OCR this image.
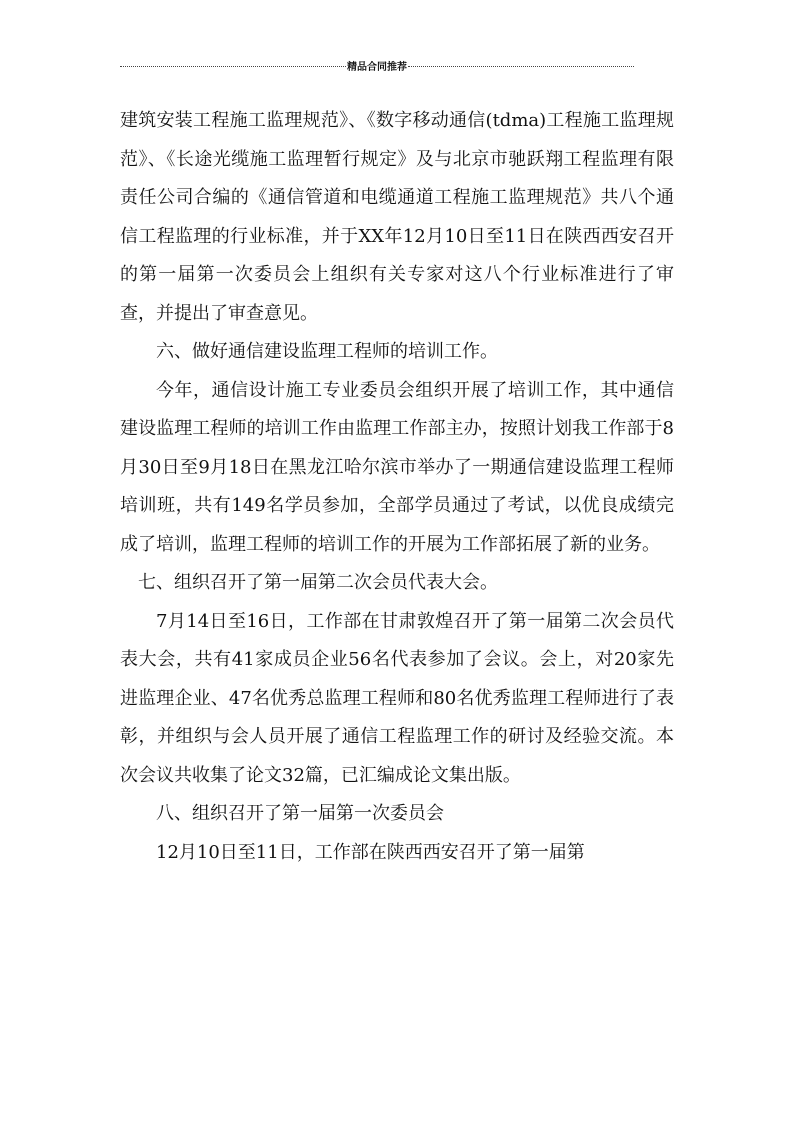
精品合同推荐

建筑安装工程施工监理规范》、《数字移动通信(tdma)工程施工监理规范》、《长途光缆施工监理暂行规定》及与北京市驰跃翔工程监理有限责任公司合编的《通信管道和电缆通道工程施工监理规范》共八个通信工程监理的行业标准，并于XX年12月10日至11日在陕西西安召开的第一届第一次委员会上组织有关专家对这八个行业标准进行了审查，并提出了审查意见。

六、做好通信建设监理工程师的培训工作。

今年，通信设计施工专业委员会组织开展了培训工作，其中通信建设监理工程师的培训工作由监理工作部主办，按照计划我工作部于8月30日至9月18日在黑龙江哈尔滨市举办了一期通信建设监理工程师培训班，共有149名学员参加，全部学员通过了考试，以优良成绩完成了培训，监理工程师的培训工作的开展为工作部拓展了新的业务。

七、组织召开了第一届第二次会员代表大会。

7月14日至16日，工作部在甘肃敦煌召开了第一届第二次会员代表大会，共有41家成员企业56名代表参加了会议。会上，对20家先进监理企业、47名优秀总监理工程师和80名优秀监理工程师进行了表彰，并组织与会人员开展了通信工程监理工作的研讨及经验交流。本次会议共收集了论文32篇，已汇编成论文集出版。

八、组织召开了第一届第一次委员会

12月10日至11日，工作部在陕西西安召开了第一届第
